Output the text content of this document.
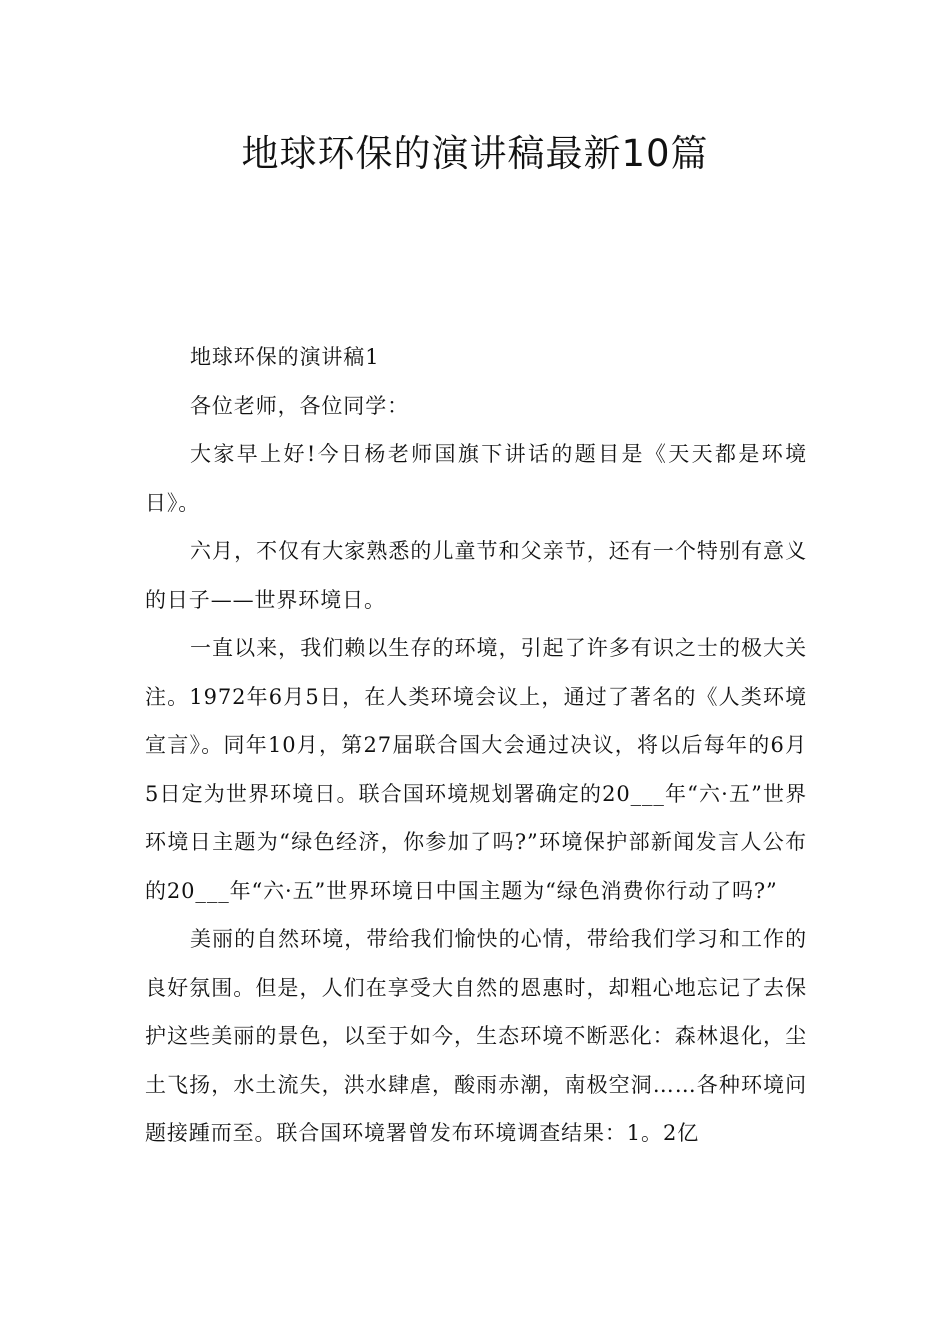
地球环保的演讲稿最新10篇

地球环保的演讲稿1

各位老师，各位同学：

大家早上好!今日杨老师国旗下讲话的题目是《天天都是环境日》。

六月，不仅有大家熟悉的儿童节和父亲节，还有一个特别有意义的日子——世界环境日。

一直以来，我们赖以生存的环境，引起了许多有识之士的极大关注。1972年6月5日，在人类环境会议上，通过了著名的《人类环境宣言》。同年10月，第27届联合国大会通过决议，将以后每年的6月5日定为世界环境日。联合国环境规划署确定的20___年“六·五”世界环境日主题为“绿色经济，你参加了吗?”环境保护部新闻发言人公布的20___年“六·五”世界环境日中国主题为“绿色消费你行动了吗?”

美丽的自然环境，带给我们愉快的心情，带给我们学习和工作的良好氛围。但是，人们在享受大自然的恩惠时，却粗心地忘记了去保护这些美丽的景色，以至于如今，生态环境不断恶化：森林退化，尘土飞扬，水土流失，洪水肆虐，酸雨赤潮，南极空洞……各种环境问题接踵而至。联合国环境署曾发布环境调查结果：1。2亿
